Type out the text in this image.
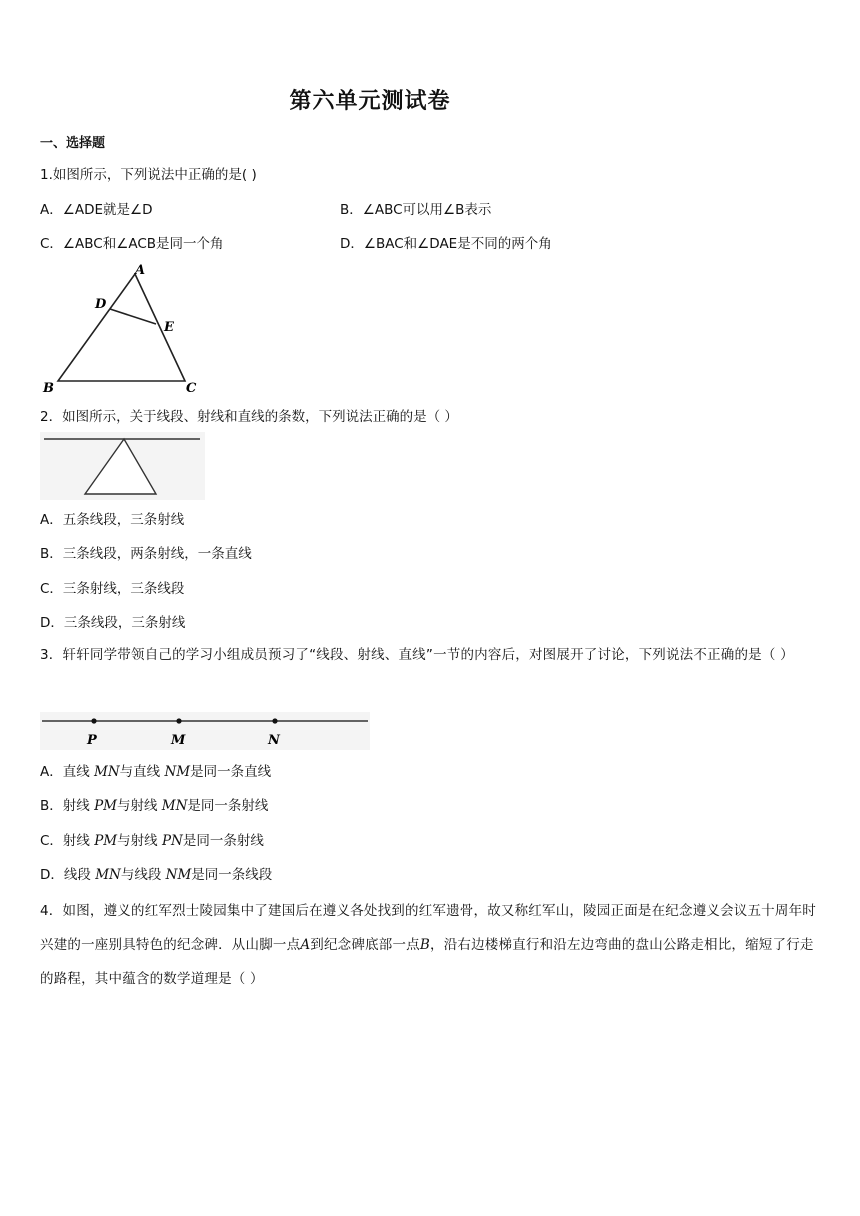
第六单元测试卷
一、选择题
1.如图所示，下列说法中正确的是( )
A．∠ADE就是∠D	B．∠ABC可以用∠B表示
C．∠ABC和∠ACB是同一个角	D．∠BAC和∠DAE是不同的两个角
A
D
E
B	C
2．如图所示，关于线段、射线和直线的条数，下列说法正确的是（ ）
A．五条线段，三条射线
B．三条线段，两条射线，一条直线
C．三条射线，三条线段
D．三条线段，三条射线
3．轩轩同学带领自己的学习小组成员预习了“线段、射线、直线”一节的内容后，对图展开了讨论，下列说法不正确的是（ ）
P	M	N
A．直线 MN与直线 NM是同一条直线
B．射线 PM与射线 MN是同一条射线
C．射线 PM与射线 PN是同一条射线
D．线段 MN与线段 NM是同一条线段
4．如图，遵义的红军烈士陵园集中了建国后在遵义各处找到的红军遗骨，故又称红军山，陵园正面是在纪念遵义会议五十周年时兴建的一座别具特色的纪念碑．从山脚一点A到纪念碑底部一点B，沿右边楼梯直行和沿左边弯曲的盘山公路走相比，缩短了行走的路程，其中蕴含的数学道理是（ ）
